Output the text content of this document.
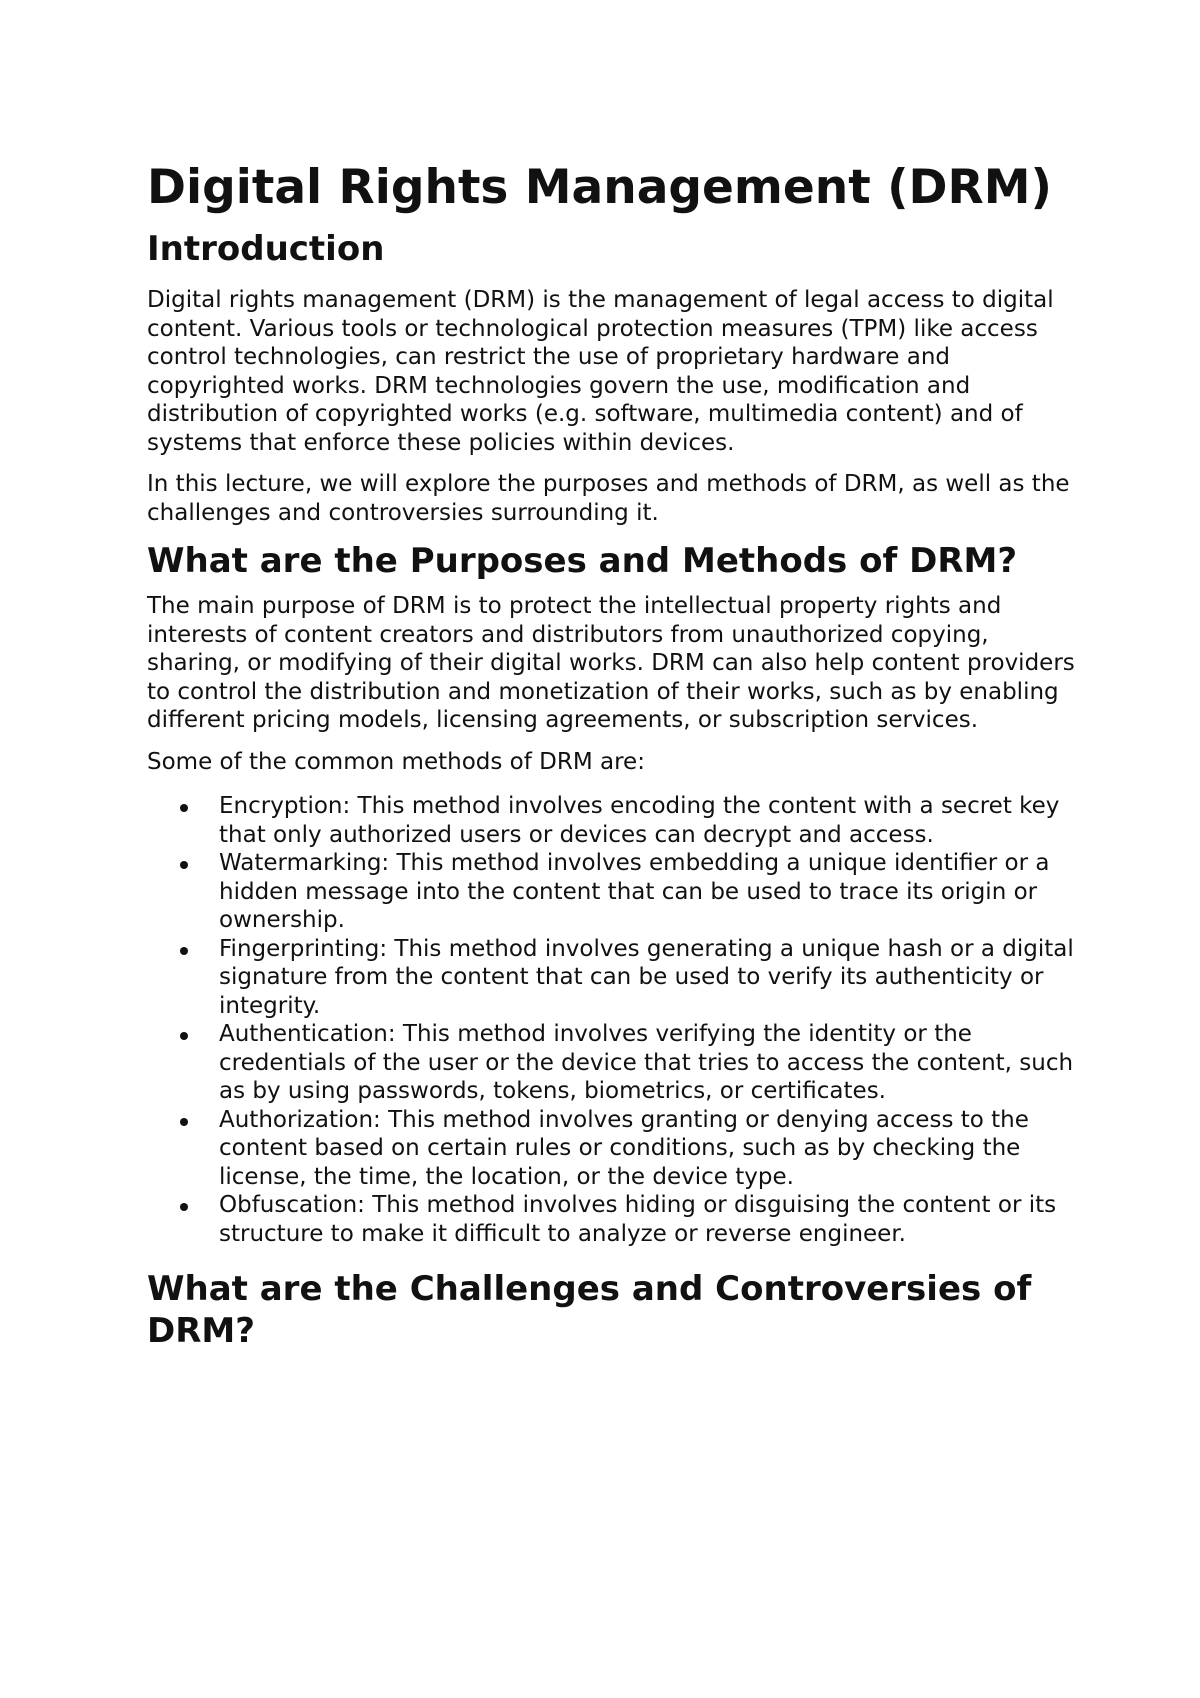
Digital Rights Management (DRM)
Introduction

Digital rights management (DRM) is the management of legal access to digital content. Various tools or technological protection measures (TPM) like access control technologies, can restrict the use of proprietary hardware and copyrighted works. DRM technologies govern the use, modification and distribution of copyrighted works (e.g. software, multimedia content) and of systems that enforce these policies within devices.

In this lecture, we will explore the purposes and methods of DRM, as well as the challenges and controversies surrounding it.

What are the Purposes and Methods of DRM?

The main purpose of DRM is to protect the intellectual property rights and interests of content creators and distributors from unauthorized copying, sharing, or modifying of their digital works. DRM can also help content providers to control the distribution and monetization of their works, such as by enabling different pricing models, licensing agreements, or subscription services.

Some of the common methods of DRM are:

Encryption: This method involves encoding the content with a secret key that only authorized users or devices can decrypt and access.
Watermarking: This method involves embedding a unique identifier or a hidden message into the content that can be used to trace its origin or ownership.
Fingerprinting: This method involves generating a unique hash or a digital signature from the content that can be used to verify its authenticity or integrity.
Authentication: This method involves verifying the identity or the credentials of the user or the device that tries to access the content, such as by using passwords, tokens, biometrics, or certificates.
Authorization: This method involves granting or denying access to the content based on certain rules or conditions, such as by checking the license, the time, the location, or the device type.
Obfuscation: This method involves hiding or disguising the content or its structure to make it difficult to analyze or reverse engineer.
What are the Challenges and Controversies of DRM?
